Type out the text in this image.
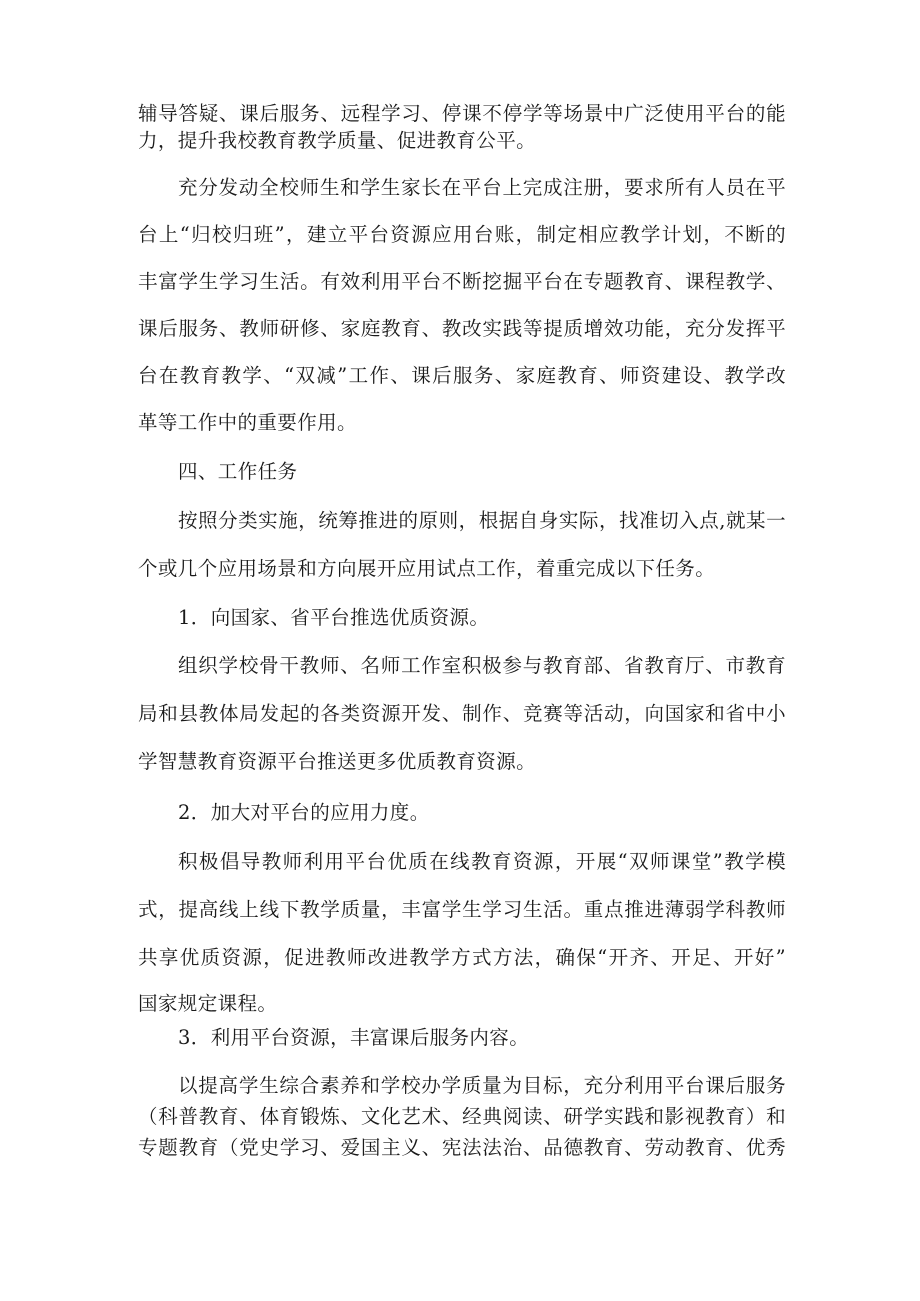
辅导答疑、课后服务、远程学习、停课不停学等场景中广泛使用平台的能
力，提升我校教育教学质量、促进教育公平。
充分发动全校师生和学生家长在平台上完成注册，要求所有人员在平
台上“归校归班”，建立平台资源应用台账，制定相应教学计划，不断的
丰富学生学习生活。有效利用平台不断挖掘平台在专题教育、课程教学、
课后服务、教师研修、家庭教育、教改实践等提质增效功能，充分发挥平
台在教育教学、“双减”工作、课后服务、家庭教育、师资建设、教学改
革等工作中的重要作用。
四、工作任务
按照分类实施，统筹推进的原则，根据自身实际，找准切入点,就某一
个或几个应用场景和方向展开应用试点工作，着重完成以下任务。
1．向国家、省平台推选优质资源。
组织学校骨干教师、名师工作室积极参与教育部、省教育厅、市教育
局和县教体局发起的各类资源开发、制作、竞赛等活动，向国家和省中小
学智慧教育资源平台推送更多优质教育资源。
2．加大对平台的应用力度。
积极倡导教师利用平台优质在线教育资源，开展“双师课堂”教学模
式，提高线上线下教学质量，丰富学生学习生活。重点推进薄弱学科教师
共享优质资源，促进教师改进教学方式方法，确保“开齐、开足、开好”
国家规定课程。
3．利用平台资源，丰富课后服务内容。
以提高学生综合素养和学校办学质量为目标，充分利用平台课后服务
（科普教育、体育锻炼、文化艺术、经典阅读、研学实践和影视教育）和
专题教育（党史学习、爱国主义、宪法法治、品德教育、劳动教育、优秀
